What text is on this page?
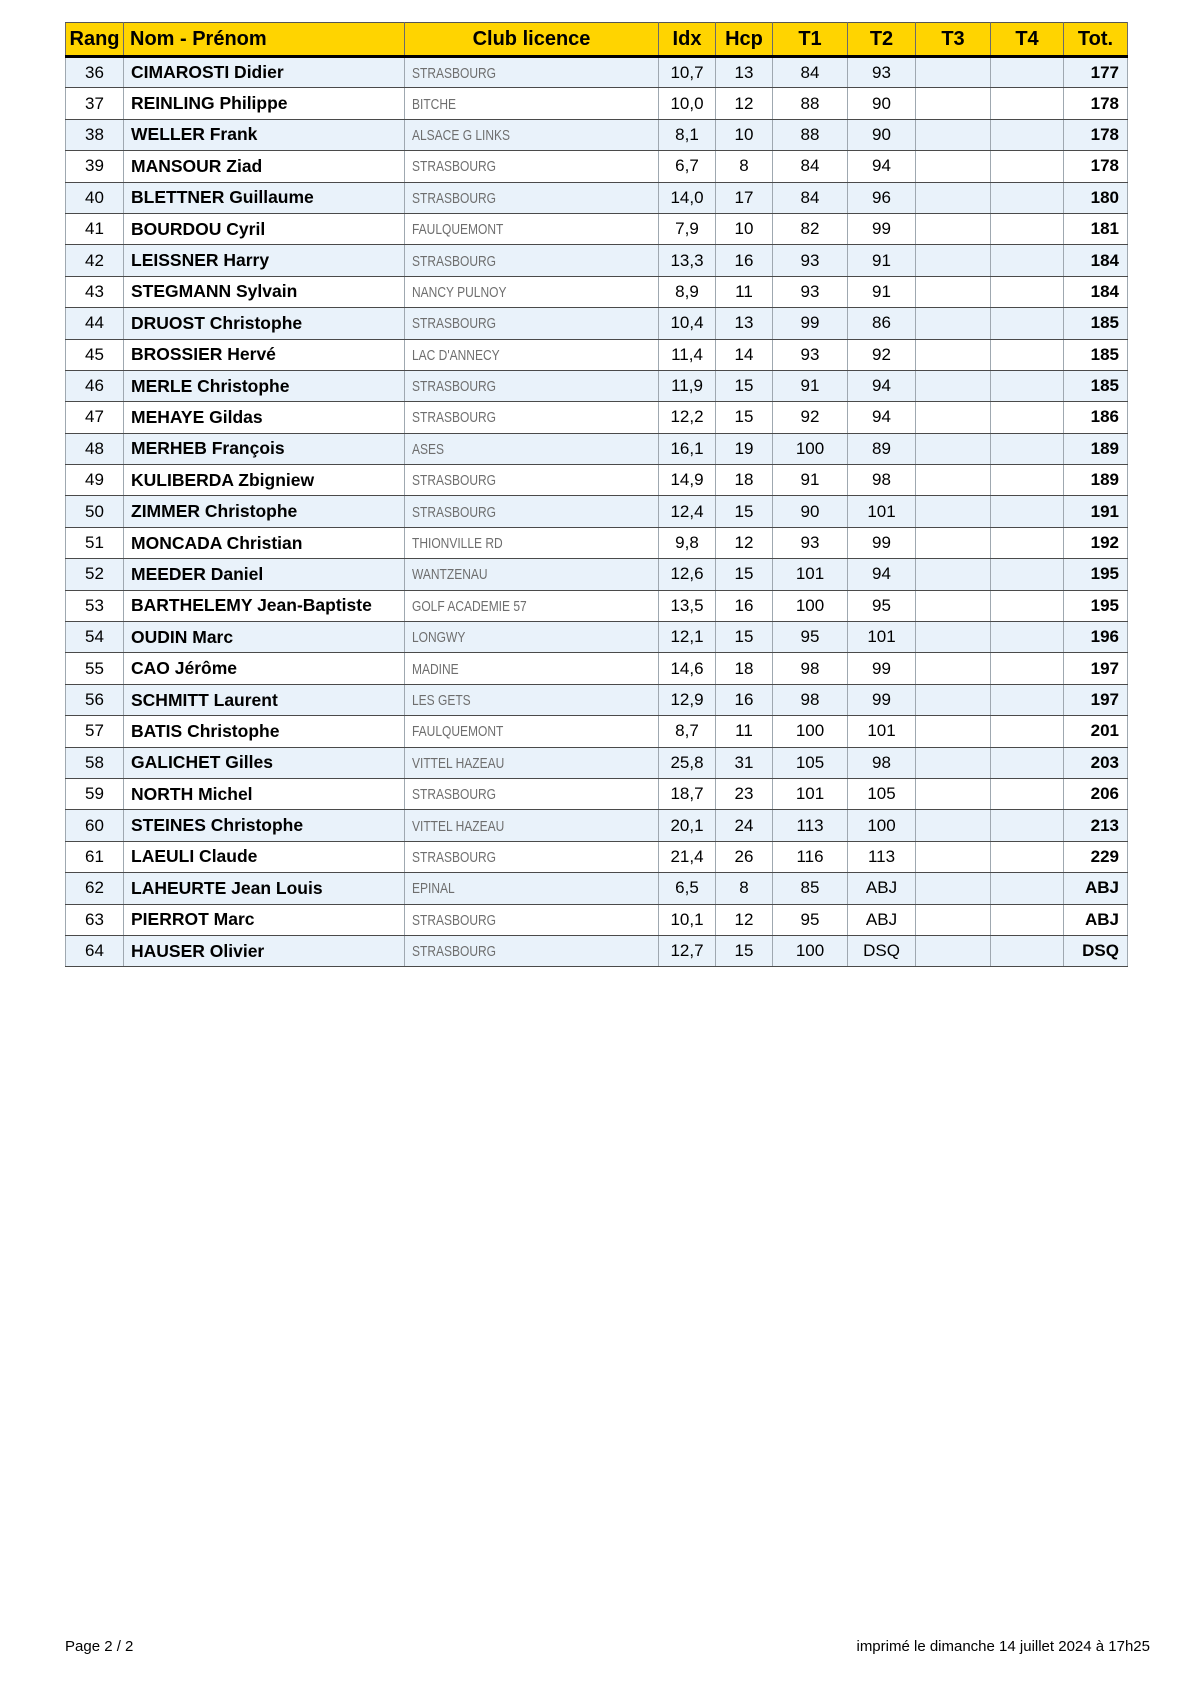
Rang	Nom - Prénom	Club licence	Idx	Hcp	T1	T2	T3	T4	Tot.
36	CIMAROSTI Didier	STRASBOURG	10,7	13	84	93			177
37	REINLING Philippe	BITCHE	10,0	12	88	90			178
38	WELLER Frank	ALSACE G LINKS	8,1	10	88	90			178
39	MANSOUR Ziad	STRASBOURG	6,7	8	84	94			178
40	BLETTNER Guillaume	STRASBOURG	14,0	17	84	96			180
41	BOURDOU Cyril	FAULQUEMONT	7,9	10	82	99			181
42	LEISSNER Harry	STRASBOURG	13,3	16	93	91			184
43	STEGMANN Sylvain	NANCY PULNOY	8,9	11	93	91			184
44	DRUOST Christophe	STRASBOURG	10,4	13	99	86			185
45	BROSSIER Hervé	LAC D'ANNECY	11,4	14	93	92			185
46	MERLE Christophe	STRASBOURG	11,9	15	91	94			185
47	MEHAYE Gildas	STRASBOURG	12,2	15	92	94			186
48	MERHEB François	ASES	16,1	19	100	89			189
49	KULIBERDA Zbigniew	STRASBOURG	14,9	18	91	98			189
50	ZIMMER Christophe	STRASBOURG	12,4	15	90	101			191
51	MONCADA Christian	THIONVILLE RD	9,8	12	93	99			192
52	MEEDER Daniel	WANTZENAU	12,6	15	101	94			195
53	BARTHELEMY Jean-Baptiste	GOLF ACADEMIE 57	13,5	16	100	95			195
54	OUDIN Marc	LONGWY	12,1	15	95	101			196
55	CAO Jérôme	MADINE	14,6	18	98	99			197
56	SCHMITT Laurent	LES GETS	12,9	16	98	99			197
57	BATIS Christophe	FAULQUEMONT	8,7	11	100	101			201
58	GALICHET Gilles	VITTEL HAZEAU	25,8	31	105	98			203
59	NORTH Michel	STRASBOURG	18,7	23	101	105			206
60	STEINES Christophe	VITTEL HAZEAU	20,1	24	113	100			213
61	LAEULI Claude	STRASBOURG	21,4	26	116	113			229
62	LAHEURTE Jean Louis	EPINAL	6,5	8	85	ABJ			ABJ
63	PIERROT Marc	STRASBOURG	10,1	12	95	ABJ			ABJ
64	HAUSER Olivier	STRASBOURG	12,7	15	100	DSQ			DSQ
Page 2 / 2	imprimé le dimanche 14 juillet 2024 à 17h25
